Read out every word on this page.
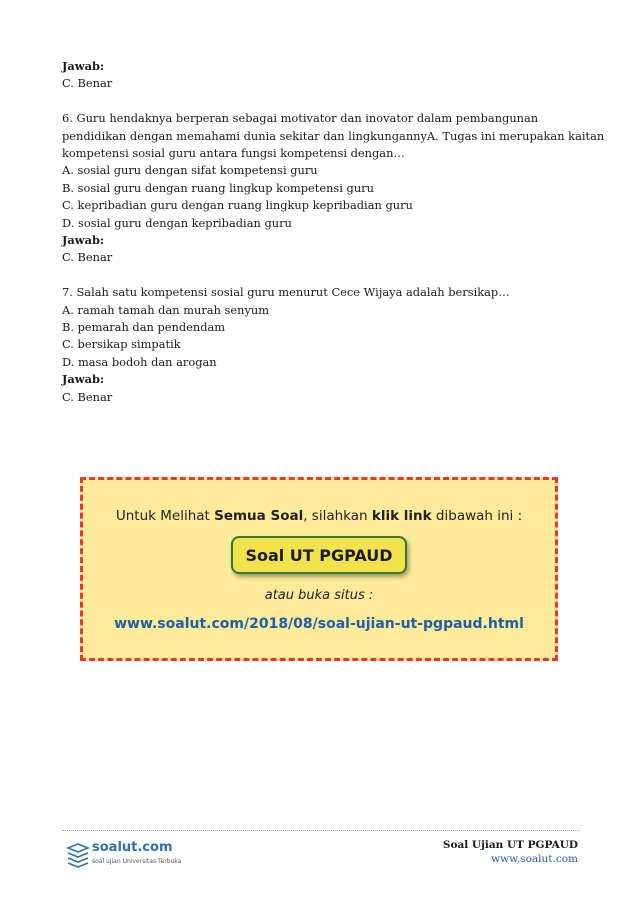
Jawab:
C. Benar
6. Guru hendaknya berperan sebagai motivator dan inovator dalam pembangunan
pendidikan dengan memahami dunia sekitar dan lingkungannyA. Tugas ini merupakan kaitan
kompetensi sosial guru antara fungsi kompetensi dengan…
A. sosial guru dengan sifat kompetensi guru
B. sosial guru dengan ruang lingkup kompetensi guru
C. kepribadian guru dengan ruang lingkup kepribadian guru
D. sosial guru dengan kepribadian guru
Jawab:
C. Benar
7. Salah satu kompetensi sosial guru menurut Cece Wijaya adalah bersikap…
A. ramah tamah dan murah senyum
B. pemarah dan pendendam
C. bersikap simpatik
D. masa bodoh dan arogan
Jawab:
C. Benar
Untuk Melihat Semua Soal, silahkan klik link dibawah ini :
Soal UT PGPAUD
atau buka situs :
www.soalut.com/2018/08/soal-ujian-ut-pgpaud.html
soalut.com
soal ujian Universitas Terbuka
Soal Ujian UT PGPAUD
www.soalut.com
